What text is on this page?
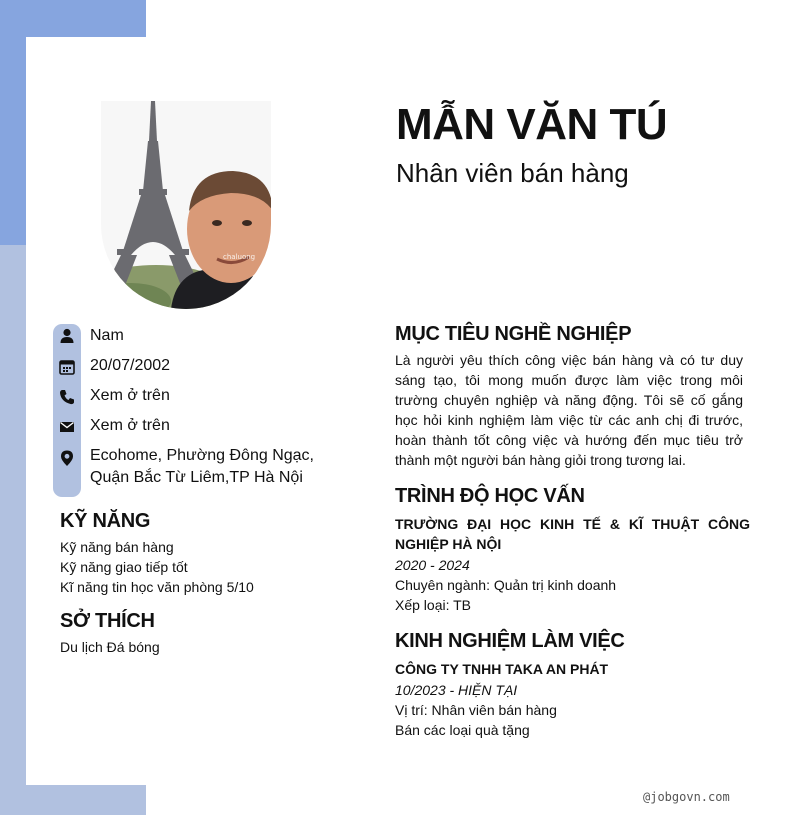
chaluong
MẪN VĂN TÚ
Nhân viên bán hàng
Nam
20/07/2002
Xem ở trên
Xem ở trên
Ecohome, Phường Đông Ngạc,
Quận Bắc Từ Liêm,TP Hà Nội
KỸ NĂNG
Kỹ năng bán hàng
Kỹ năng giao tiếp tốt
Kĩ năng tin học văn phòng 5/10
SỞ THÍCH
Du lịch Đá bóng
MỤC TIÊU NGHỀ NGHIỆP
Là người yêu thích công việc bán hàng và có tư duy sáng tạo, tôi mong muốn được làm việc trong môi trường chuyên nghiệp và năng động. Tôi sẽ cố gắng học hỏi kinh nghiệm làm việc từ các anh chị đi trước, hoàn thành tốt công việc và hướng đến mục tiêu trở thành một người bán hàng giỏi trong tương lai.
TRÌNH ĐỘ HỌC VẤN
TRƯỜNG ĐẠI HỌC KINH TẾ & KĨ THUẬT CÔNG NGHIỆP HÀ NỘI
2020 - 2024
Chuyên ngành: Quản trị kinh doanh
Xếp loại: TB
KINH NGHIỆM LÀM VIỆC
CÔNG TY TNHH TAKA AN PHÁT
10/2023 - HIỆN TẠI
Vị trí: Nhân viên bán hàng
Bán các loại quà tặng
@jobgovn.com
